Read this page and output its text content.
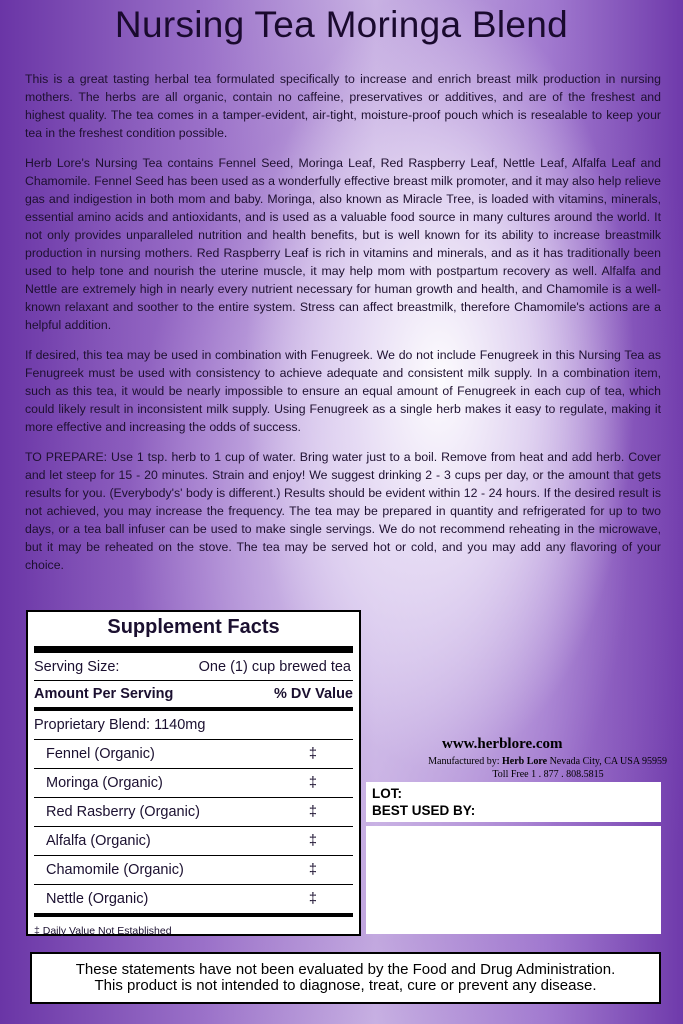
Nursing Tea Moringa Blend

This is a great tasting herbal tea formulated specifically to increase and enrich breast milk production in nursing mothers. The herbs are all organic, contain no caffeine, preservatives or additives, and are of the freshest and highest quality. The tea comes in a tamper-evident, air-tight, moisture-proof pouch which is resealable to keep your tea in the freshest condition possible.

Herb Lore's Nursing Tea contains Fennel Seed, Moringa Leaf, Red Raspberry Leaf, Nettle Leaf, Alfalfa Leaf and Chamomile. Fennel Seed has been used as a wonderfully effective breast milk promoter, and it may also help relieve gas and indigestion in both mom and baby. Moringa, also known as Miracle Tree, is loaded with vitamins, minerals, essential amino acids and antioxidants, and is used as a valuable food source in many cultures around the world. It not only provides unparalleled nutrition and health benefits, but is well known for its ability to increase breastmilk production in nursing mothers. Red Raspberry Leaf is rich in vitamins and minerals, and as it has traditionally been used to help tone and nourish the uterine muscle, it may help mom with postpartum recovery as well. Alfalfa and Nettle are extremely high in nearly every nutrient necessary for human growth and health, and Chamomile is a well-known relaxant and soother to the entire system. Stress can affect breastmilk, therefore Chamomile's actions are a helpful addition.

If desired, this tea may be used in combination with Fenugreek. We do not include Fenugreek in this Nursing Tea as Fenugreek must be used with consistency to achieve adequate and consistent milk supply. In a combination item, such as this tea, it would be nearly impossible to ensure an equal amount of Fenugreek in each cup of tea, which could likely result in inconsistent milk supply. Using Fenugreek as a single herb makes it easy to regulate, making it more effective and increasing the odds of success.

TO PREPARE: Use 1 tsp. herb to 1 cup of water. Bring water just to a boil. Remove from heat and add herb. Cover and let steep for 15 - 20 minutes. Strain and enjoy! We suggest drinking 2 - 3 cups per day, or the amount that gets results for you. (Everybody's' body is different.) Results should be evident within 12 - 24 hours. If the desired result is not achieved, you may increase the frequency. The tea may be prepared in quantity and refrigerated for up to two days, or a tea ball infuser can be used to make single servings. We do not recommend reheating in the microwave, but it may be reheated on the stove. The tea may be served hot or cold, and you may add any flavoring of your choice.

Supplement Facts
Serving Size:	One (1) cup brewed tea
Amount Per Serving	% DV Value
Proprietary Blend: 1140mg
Fennel (Organic)	‡
Moringa (Organic)	‡
Red Rasberry (Organic)	‡
Alfalfa (Organic)	‡
Chamomile (Organic)	‡
Nettle (Organic)	‡
‡ Daily Value Not Established
www.herblore.com
Manufactured by: Herb Lore Nevada City, CA USA 95959
Toll Free 1 . 877 . 808.5815
LOT:
BEST USED BY:
These statements have not been evaluated by the Food and Drug Administration.
This product is not intended to diagnose, treat, cure or prevent any disease.
